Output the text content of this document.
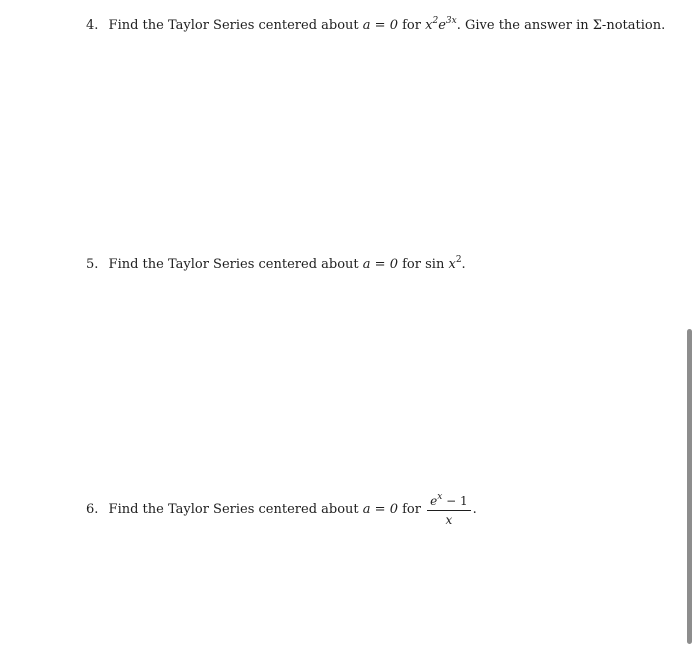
4. Find the Taylor Series centered about a = 0 for $x^2e^{3x}$. Give the answer in Σ-notation.
5. Find the Taylor Series centered about a = 0 for $\sin x^2$.
6. Find the Taylor Series centered about a = 0 for $\frac{e^x - 1}{x}$ .
